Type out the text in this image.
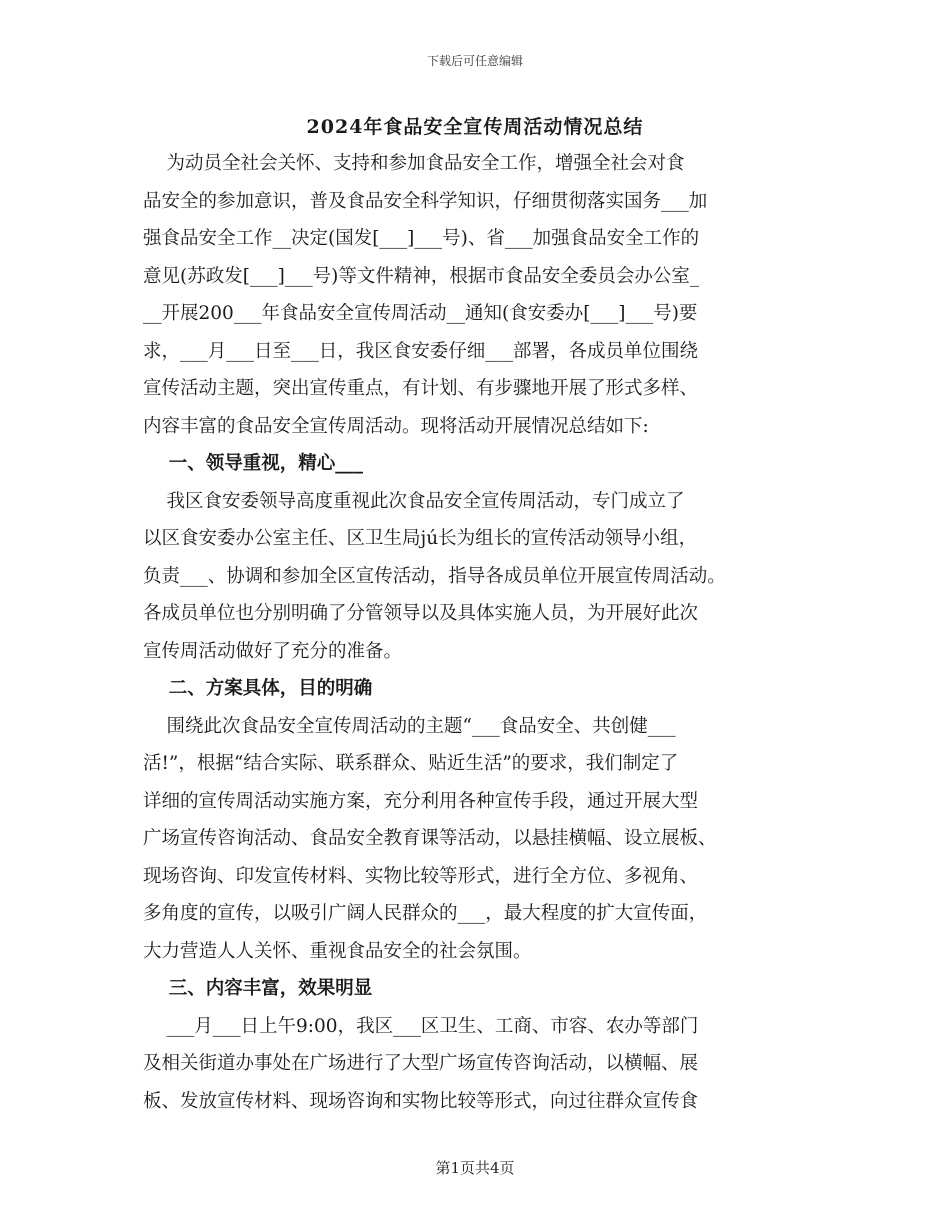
下载后可任意编辑
2024年食品安全宣传周活动情况总结
为动员全社会关怀、支持和参加食品安全工作，增强全社会对食
品安全的参加意识，普及食品安全科学知识，仔细贯彻落实国务___加
强食品安全工作__决定(国发[___]___号)、省___加强食品安全工作的
意见(苏政发[___]___号)等文件精神，根据市食品安全委员会办公室_
__开展200___年食品安全宣传周活动__通知(食安委办[___]___号)要
求，___月___日至___日，我区食安委仔细___部署，各成员单位围绕
宣传活动主题，突出宣传重点，有计划、有步骤地开展了形式多样、
内容丰富的食品安全宣传周活动。现将活动开展情况总结如下:
一、领导重视，精心___
我区食安委领导高度重视此次食品安全宣传周活动，专门成立了
以区食安委办公室主任、区卫生局jú长为组长的宣传活动领导小组，
负责___、协调和参加全区宣传活动，指导各成员单位开展宣传周活动。
各成员单位也分别明确了分管领导以及具体实施人员，为开展好此次
宣传周活动做好了充分的准备。
二、方案具体，目的明确
围绕此次食品安全宣传周活动的主题“___食品安全、共创健___
活!”，根据“结合实际、联系群众、贴近生活”的要求，我们制定了
详细的宣传周活动实施方案，充分利用各种宣传手段，通过开展大型
广场宣传咨询活动、食品安全教育课等活动，以悬挂横幅、设立展板、
现场咨询、印发宣传材料、实物比较等形式，进行全方位、多视角、
多角度的宣传，以吸引广阔人民群众的___，最大程度的扩大宣传面，
大力营造人人关怀、重视食品安全的社会氛围。
三、内容丰富，效果明显
___月___日上午9:00，我区___区卫生、工商、市容、农办等部门
及相关街道办事处在广场进行了大型广场宣传咨询活动，以横幅、展
板、发放宣传材料、现场咨询和实物比较等形式，向过往群众宣传食
第1页共4页
